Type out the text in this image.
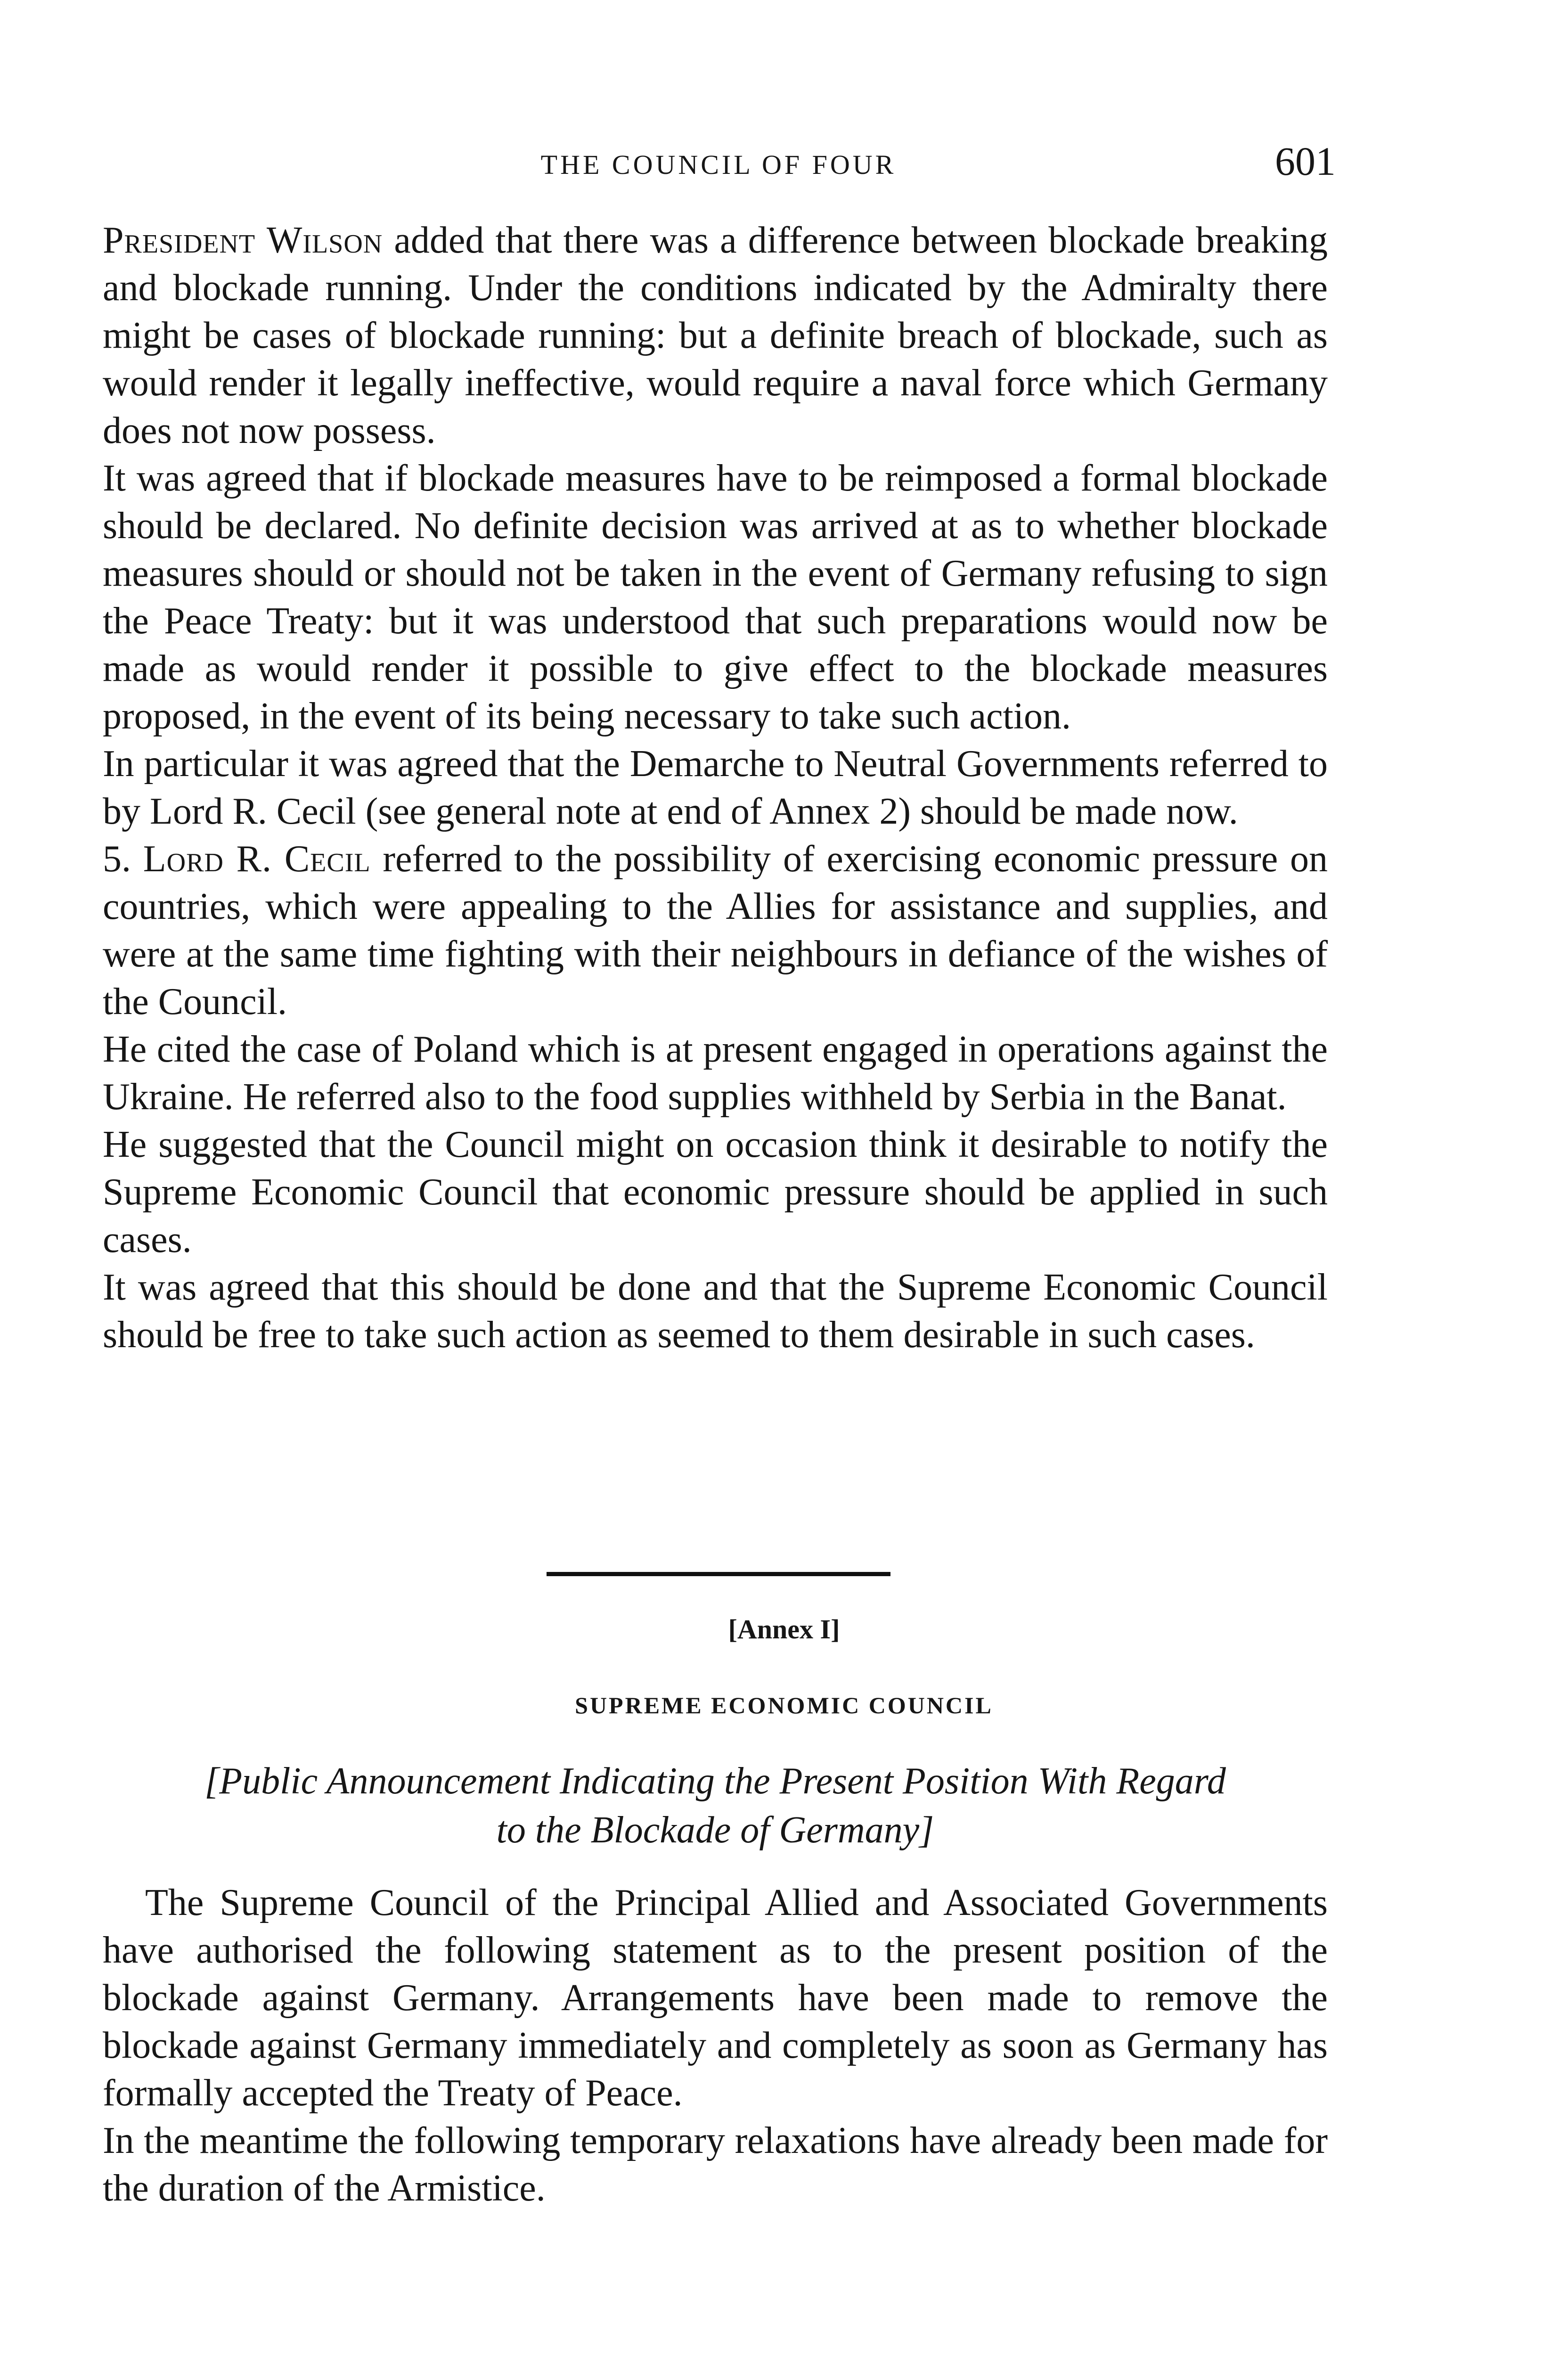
THE COUNCIL OF FOUR	601

President Wilson added that there was a difference between blockade breaking and blockade running. Under the conditions indicated by the Admiralty there might be cases of blockade running: but a definite breach of blockade, such as would render it legally ineffective, would require a naval force which Germany does not now possess.

It was agreed that if blockade measures have to be reimposed a formal blockade should be declared. No definite decision was arrived at as to whether blockade measures should or should not be taken in the event of Germany refusing to sign the Peace Treaty: but it was understood that such preparations would now be made as would render it possible to give effect to the blockade measures proposed, in the event of its being necessary to take such action.

In particular it was agreed that the Demarche to Neutral Governments referred to by Lord R. Cecil (see general note at end of Annex 2) should be made now.

5. Lord R. Cecil referred to the possibility of exercising economic pressure on countries, which were appealing to the Allies for assistance and supplies, and were at the same time fighting with their neighbours in defiance of the wishes of the Council.

He cited the case of Poland which is at present engaged in operations against the Ukraine. He referred also to the food supplies withheld by Serbia in the Banat.

He suggested that the Council might on occasion think it desirable to notify the Supreme Economic Council that economic pressure should be applied in such cases.

It was agreed that this should be done and that the Supreme Economic Council should be free to take such action as seemed to them desirable in such cases.

[Annex I]
SUPREME ECONOMIC COUNCIL
[Public Announcement Indicating the Present Position With Regard
to the Blockade of Germany]

The Supreme Council of the Principal Allied and Associated Governments have authorised the following statement as to the present position of the blockade against Germany. Arrangements have been made to remove the blockade against Germany immediately and completely as soon as Germany has formally accepted the Treaty of Peace.

In the meantime the following temporary relaxations have already been made for the duration of the Armistice.
